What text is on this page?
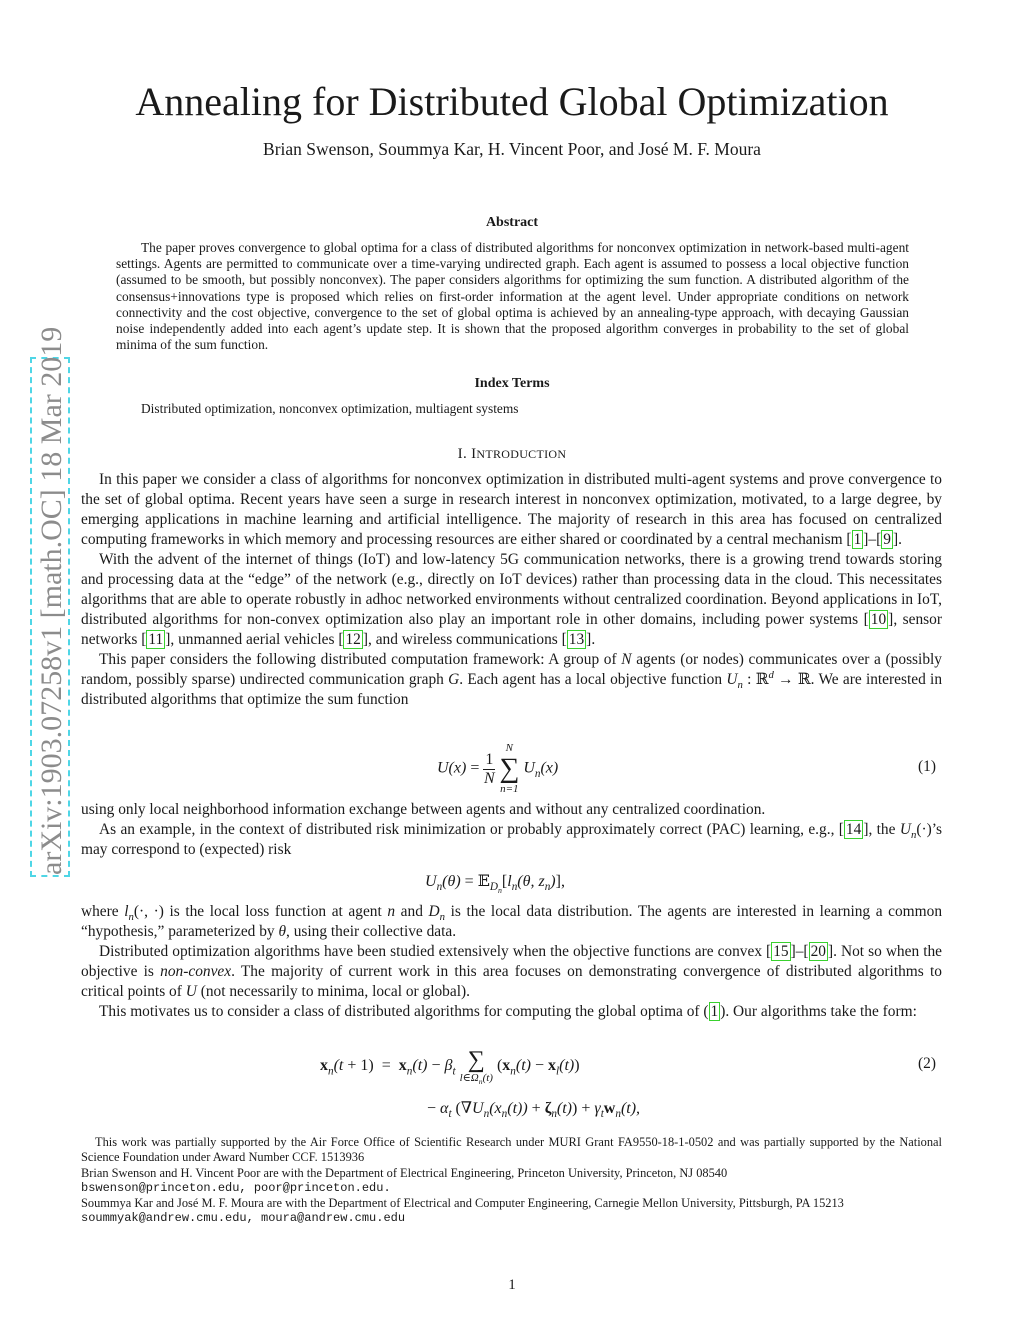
arXiv:1903.07258v1 [math.OC] 18 Mar 2019
Annealing for Distributed Global Optimization
Brian Swenson, Soummya Kar, H. Vincent Poor, and José M. F. Moura
Abstract
The paper proves convergence to global optima for a class of distributed algorithms for nonconvex optimization in network-based multi-agent settings. Agents are permitted to communicate over a time-varying undirected graph. Each agent is assumed to possess a local objective function (assumed to be smooth, but possibly nonconvex). The paper considers algorithms for optimizing the sum function. A distributed algorithm of the consensus+innovations type is proposed which relies on first-order information at the agent level. Under appropriate conditions on network connectivity and the cost objective, convergence to the set of global optima is achieved by an annealing-type approach, with decaying Gaussian noise independently added into each agent’s update step. It is shown that the proposed algorithm converges in probability to the set of global minima of the sum function.
Index Terms
Distributed optimization, nonconvex optimization, multiagent systems
I. INTRODUCTION

In this paper we consider a class of algorithms for nonconvex optimization in distributed multi-agent systems and prove convergence to the set of global optima. Recent years have seen a surge in research interest in nonconvex optimization, motivated, to a large degree, by emerging applications in machine learning and artificial intelligence. The majority of research in this area has focused on centralized computing frameworks in which memory and processing resources are either shared or coordinated by a central mechanism [ 1 ]–[ 9 ].

With the advent of the internet of things (IoT) and low-latency 5G communication networks, there is a growing trend towards storing and processing data at the “edge” of the network (e.g., directly on IoT devices) rather than processing data in the cloud. This necessitates algorithms that are able to operate robustly in adhoc networked environments without centralized coordination. Beyond applications in IoT, distributed algorithms for non-convex optimization also play an important role in other domains, including power systems [ 10 ], sensor networks [ 11 ], unmanned aerial vehicles [ 12 ], and wireless communications [ 13 ].

This paper considers the following distributed computation framework: A group of N agents (or nodes) communicates over a (possibly random, possibly sparse) undirected communication graph G. Each agent has a local objective function $U_n$ : ℝ$^d$ → ℝ. We are interested in distributed algorithms that optimize the sum function

$U(x) = \frac{1}{N}$

N
∑
n=1
$U_n(x)$	(1)

using only local neighborhood information exchange between agents and without any centralized coordination.

As an example, in the context of distributed risk minimization or probably approximately correct (PAC) learning, e.g., [ 14 ], the $U_n(\cdot)’s$ may correspond to (expected) risk

$U_n(\theta)$ = $𝔼_{D_n}[l_n(\theta$, $z_n$)],

where $l_n(\cdot$, ·) is the local loss function at agent n and $D_n$ is the local data distribution. The agents are interested in learning a common “hypothesis,” parameterized by θ, using their collective data.

Distributed optimization algorithms have been studied extensively when the objective functions are convex [ 15 ]–[ 20 ]. Not so when the objective is non-convex. The majority of current work in this area focuses on demonstrating convergence of distributed algorithms to critical points of U (not necessarily to minima, local or global).

This motivates us to consider a class of distributed algorithms for computing the global optima of ( 1 ). Our algorithms take the form:

$x_n(t + 1) = x_n(t) - \beta_t$ ∑
$l\in\Omega_n(t)$
$(x_n(t) - x_l(t))$	(2)
− $\alpha_t$ $(\nabla U_n(x_n(t)) + \zeta_n(t)) + \gamma_tw_n(t)$,

This work was partially supported by the Air Force Office of Scientific Research under MURI Grant FA9550-18-1-0502 and was partially supported by the National Science Foundation under Award Number CCF. 1513936

Brian Swenson and H. Vincent Poor are with the Department of Electrical Engineering, Princeton University, Princeton, NJ 08540

bswenson@princeton.edu, poor@princeton.edu.

Soummya Kar and José M. F. Moura are with the Department of Electrical and Computer Engineering, Carnegie Mellon University, Pittsburgh, PA 15213

soummyak@andrew.cmu.edu, moura@andrew.cmu.edu

1
